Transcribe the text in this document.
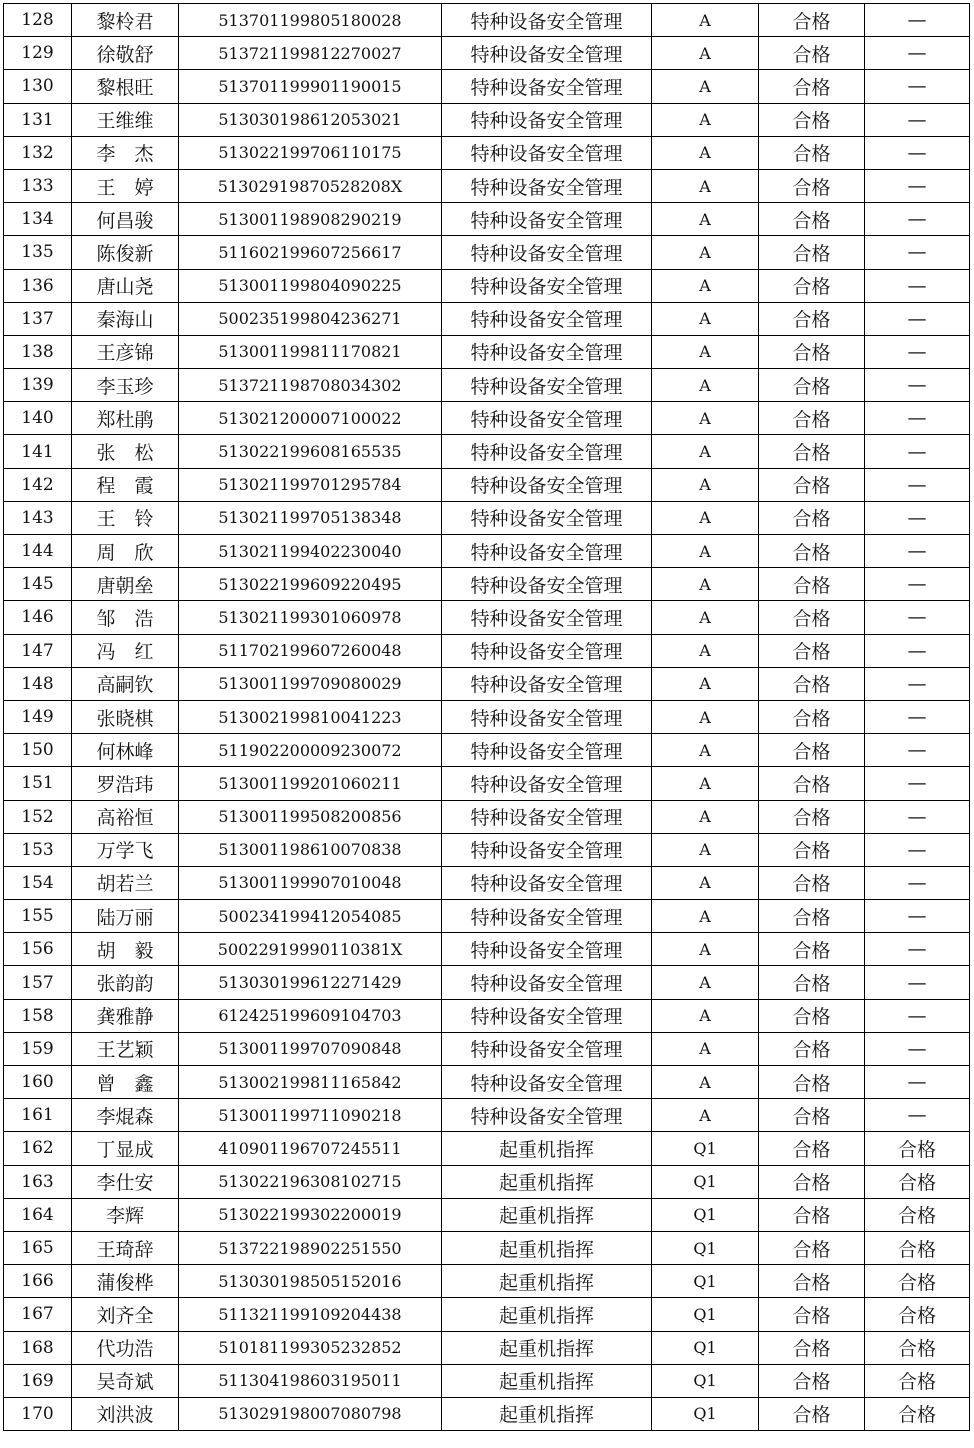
128	黎柃君	513701199805180028	特种设备安全管理	A	合格	—
129	徐敬舒	513721199812270027	特种设备安全管理	A	合格	—
130	黎根旺	513701199901190015	特种设备安全管理	A	合格	—
131	王维维	513030198612053021	特种设备安全管理	A	合格	—
132	李　杰	513022199706110175	特种设备安全管理	A	合格	—
133	王　婷	51302919870528208X	特种设备安全管理	A	合格	—
134	何昌骏	513001198908290219	特种设备安全管理	A	合格	—
135	陈俊新	511602199607256617	特种设备安全管理	A	合格	—
136	唐山尧	513001199804090225	特种设备安全管理	A	合格	—
137	秦海山	500235199804236271	特种设备安全管理	A	合格	—
138	王彦锦	513001199811170821	特种设备安全管理	A	合格	—
139	李玉珍	513721198708034302	特种设备安全管理	A	合格	—
140	郑杜鹃	513021200007100022	特种设备安全管理	A	合格	—
141	张　松	513022199608165535	特种设备安全管理	A	合格	—
142	程　霞	513021199701295784	特种设备安全管理	A	合格	—
143	王　铃	513021199705138348	特种设备安全管理	A	合格	—
144	周　欣	513021199402230040	特种设备安全管理	A	合格	—
145	唐朝垒	513022199609220495	特种设备安全管理	A	合格	—
146	邹　浩	513021199301060978	特种设备安全管理	A	合格	—
147	冯　红	511702199607260048	特种设备安全管理	A	合格	—
148	高嗣钦	513001199709080029	特种设备安全管理	A	合格	—
149	张晓棋	513002199810041223	特种设备安全管理	A	合格	—
150	何林峰	511902200009230072	特种设备安全管理	A	合格	—
151	罗浩玮	513001199201060211	特种设备安全管理	A	合格	—
152	高裕恒	513001199508200856	特种设备安全管理	A	合格	—
153	万学飞	513001198610070838	特种设备安全管理	A	合格	—
154	胡若兰	513001199907010048	特种设备安全管理	A	合格	—
155	陆万丽	500234199412054085	特种设备安全管理	A	合格	—
156	胡　毅	50022919990110381X	特种设备安全管理	A	合格	—
157	张韵韵	513030199612271429	特种设备安全管理	A	合格	—
158	龚雅静	612425199609104703	特种设备安全管理	A	合格	—
159	王艺颖	513001199707090848	特种设备安全管理	A	合格	—
160	曾　鑫	513002199811165842	特种设备安全管理	A	合格	—
161	李焜森	513001199711090218	特种设备安全管理	A	合格	—
162	丁显成	410901196707245511	起重机指挥	Q1	合格	合格
163	李仕安	513022196308102715	起重机指挥	Q1	合格	合格
164	李辉	513022199302200019	起重机指挥	Q1	合格	合格
165	王琦辞	513722198902251550	起重机指挥	Q1	合格	合格
166	蒲俊桦	513030198505152016	起重机指挥	Q1	合格	合格
167	刘齐全	511321199109204438	起重机指挥	Q1	合格	合格
168	代功浩	510181199305232852	起重机指挥	Q1	合格	合格
169	吴奇斌	511304198603195011	起重机指挥	Q1	合格	合格
170	刘洪波	513029198007080798	起重机指挥	Q1	合格	合格
